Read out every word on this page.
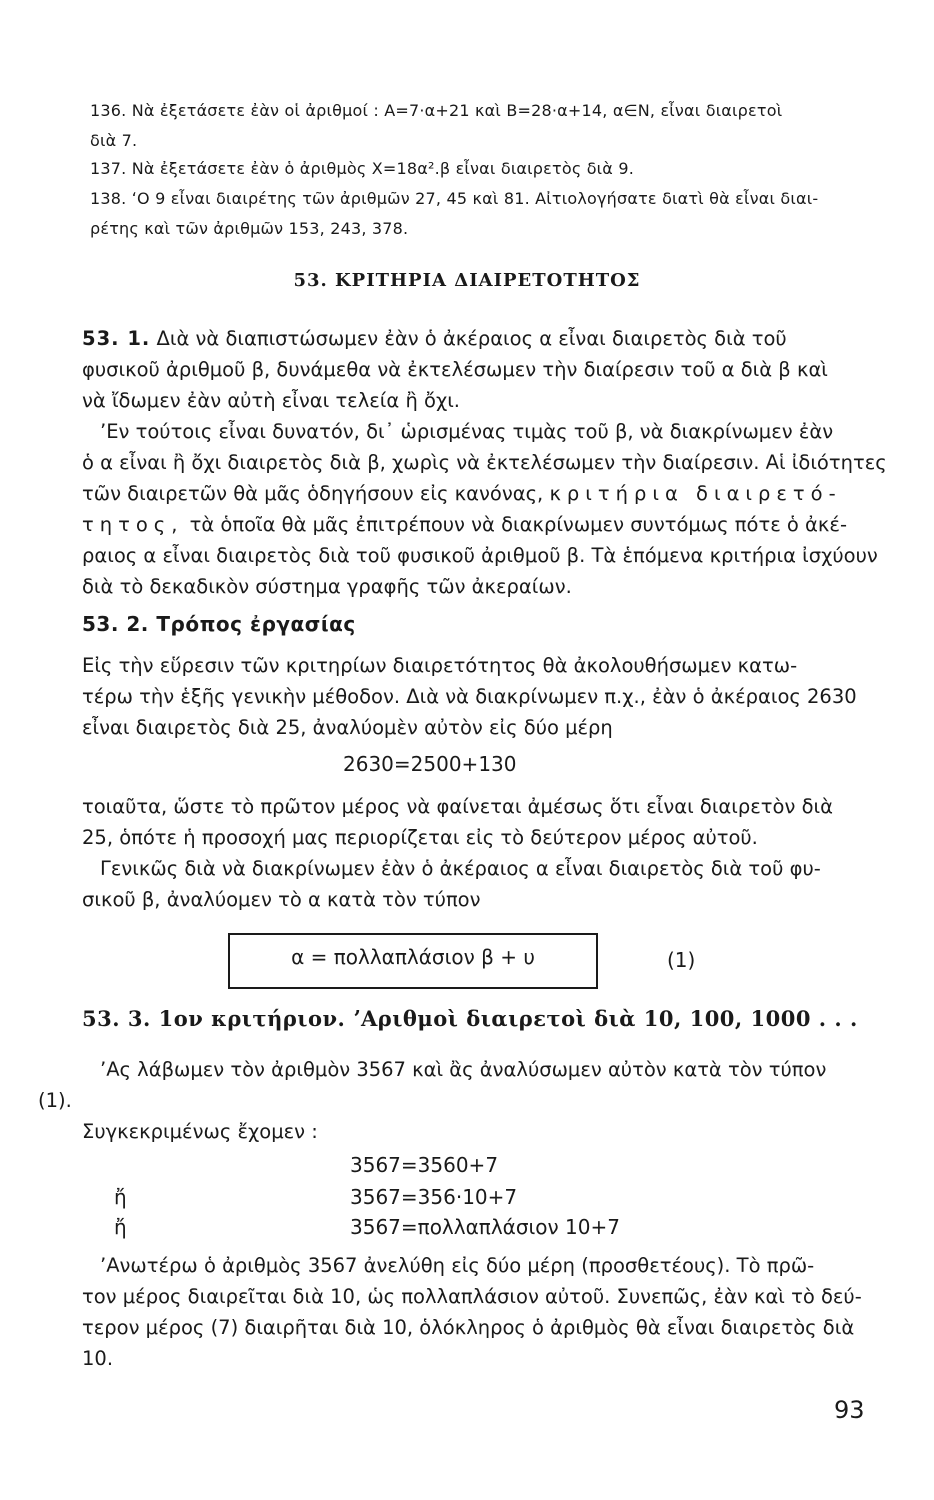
136. Νὰ ἐξετάσετε ἐὰν οἱ ἀριθμοί : Α=7·α+21 καὶ Β=28·α+14, α∈N, εἶναι διαιρετοὶ
διὰ 7.
137. Νὰ ἐξετάσετε ἐὰν ὁ ἀριθμὸς Χ=18α².β εἶναι διαιρετὸς διὰ 9.
138. ʻΟ 9 εἶναι διαιρέτης τῶν ἀριθμῶν 27, 45 καὶ 81. Αἰτιολογήσατε διατὶ θὰ εἶναι διαι-
ρέτης καὶ τῶν ἀριθμῶν 153, 243, 378.
53. ΚΡΙΤΗΡΙΑ ΔΙΑΙΡΕΤΟΤΗΤΟΣ
53. 1. Διὰ νὰ διαπιστώσωμεν ἐὰν ὁ ἀκέραιος α εἶναι διαιρετὸς διὰ τοῦ
φυσικοῦ ἀριθμοῦ β, δυνάμεθα νὰ ἐκτελέσωμεν τὴν διαίρεσιν τοῦ α διὰ β καὶ
νὰ ἴδωμεν ἐὰν αὐτὴ εἶναι τελεία ἢ ὄχι.
ʼΕν τούτοις εἶναι δυνατόν, δι᾿ ὡρισμένας τιμὰς τοῦ β, νὰ διακρίνωμεν ἐὰν
ὁ α εἶναι ἢ ὄχι διαιρετὸς διὰ β, χωρὶς νὰ ἐκτελέσωμεν τὴν διαίρεσιν. Αἱ ἰδιότητες
τῶν διαιρετῶν θὰ μᾶς ὁδηγήσουν εἰς κανόνας, κριτήρια διαιρετό-
τητος, τὰ ὁποῖα θὰ μᾶς ἐπιτρέπουν νὰ διακρίνωμεν συντόμως πότε ὁ ἀκέ-
ραιος α εἶναι διαιρετὸς διὰ τοῦ φυσικοῦ ἀριθμοῦ β. Τὰ ἑπόμενα κριτήρια ἰσχύουν
διὰ τὸ δεκαδικὸν σύστημα γραφῆς τῶν ἀκεραίων.
53. 2. Τρόπος ἐργασίας
Εἰς τὴν εὕρεσιν τῶν κριτηρίων διαιρετότητος θὰ ἀκολουθήσωμεν κατω-
τέρω τὴν ἑξῆς γενικὴν μέθοδον. Διὰ νὰ διακρίνωμεν π.χ., ἐὰν ὁ ἀκέραιος 2630
εἶναι διαιρετὸς διὰ 25, ἀναλύομὲν αὐτὸν εἰς δύο μέρη
2630=2500+130
τοιαῦτα, ὥστε τὸ πρῶτον μέρος νὰ φαίνεται ἀμέσως ὅτι εἶναι διαιρετὸν διὰ
25, ὁπότε ἡ προσοχή μας περιορίζεται εἰς τὸ δεύτερον μέρος αὐτοῦ.
Γενικῶς διὰ νὰ διακρίνωμεν ἐὰν ὁ ἀκέραιος α εἶναι διαιρετὸς διὰ τοῦ φυ-
σικοῦ β, ἀναλύομεν τὸ α κατὰ τὸν τύπον
α = πολλαπλάσιον β + υ	(1)
53. 3. 1ον κριτήριον. ʼΑριθμοὶ διαιρετοὶ διὰ 10, 100, 1000 . . .
ʼΑς λάβωμεν τὸν ἀριθμὸν 3567 καὶ ἂς ἀναλύσωμεν αὐτὸν κατὰ τὸν τύπον
(1).
Συγκεκριμένως ἔχομεν :
3567=3560+7
ἤ	3567=356·10+7
ἤ	3567=πολλαπλάσιον 10+7
ʼΑνωτέρω ὁ ἀριθμὸς 3567 ἀνελύθη εἰς δύο μέρη (προσθετέους). Τὸ πρῶ-
τον μέρος διαιρεῖται διὰ 10, ὡς πολλαπλάσιον αὐτοῦ. Συνεπῶς, ἐὰν καὶ τὸ δεύ-
τερον μέρος (7) διαιρῆται διὰ 10, ὁλόκληρος ὁ ἀριθμὸς θὰ εἶναι διαιρετὸς διὰ
10.
93
